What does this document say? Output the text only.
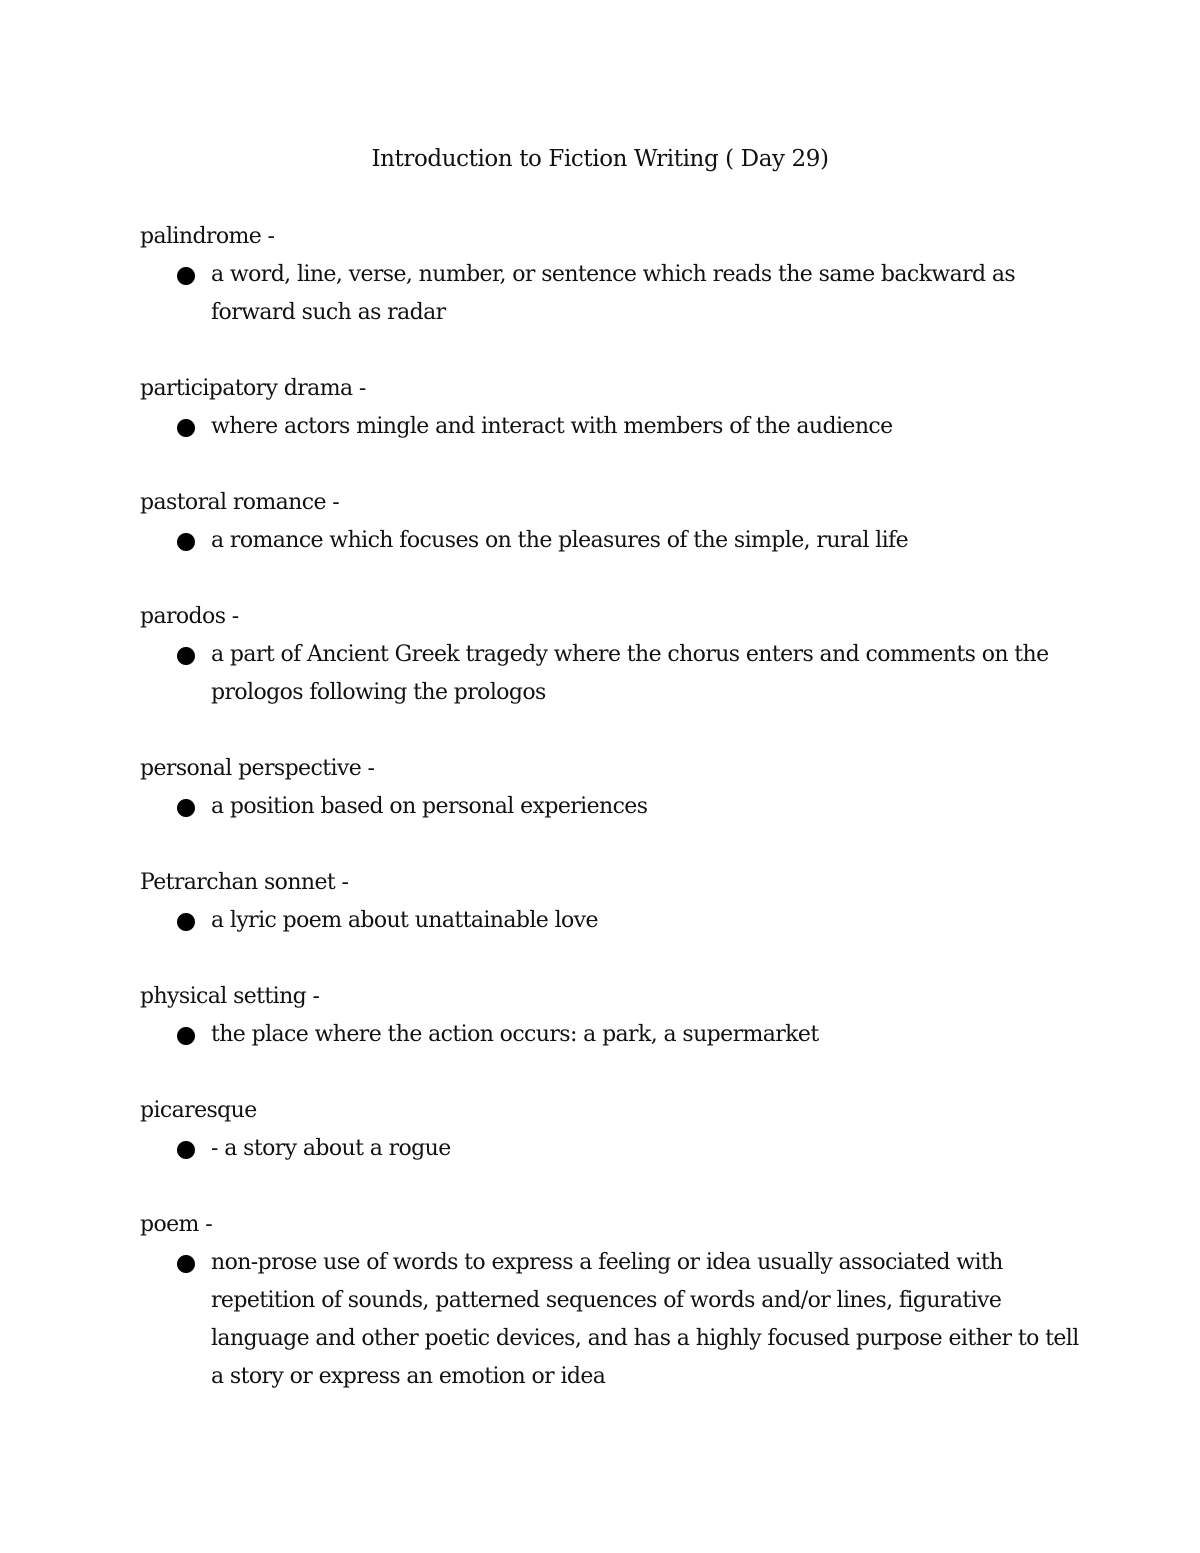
Introduction to Fiction Writing ( Day 29)

palindrome -

a word, line, verse, number, or sentence which reads the same backward as forward such as radar

participatory drama -

where actors mingle and interact with members of the audience

pastoral romance -

a romance which focuses on the pleasures of the simple, rural life

parodos -

a part of Ancient Greek tragedy where the chorus enters and comments on the prologos following the prologos

personal perspective -

a position based on personal experiences

Petrarchan sonnet -

a lyric poem about unattainable love

physical setting -

the place where the action occurs: a park, a supermarket

picaresque

- a story about a rogue

poem -

non-prose use of words to express a feeling or idea usually associated with repetition of sounds, patterned sequences of words and/or lines, figurative language and other poetic devices, and has a highly focused purpose either to tell a story or express an emotion or idea
